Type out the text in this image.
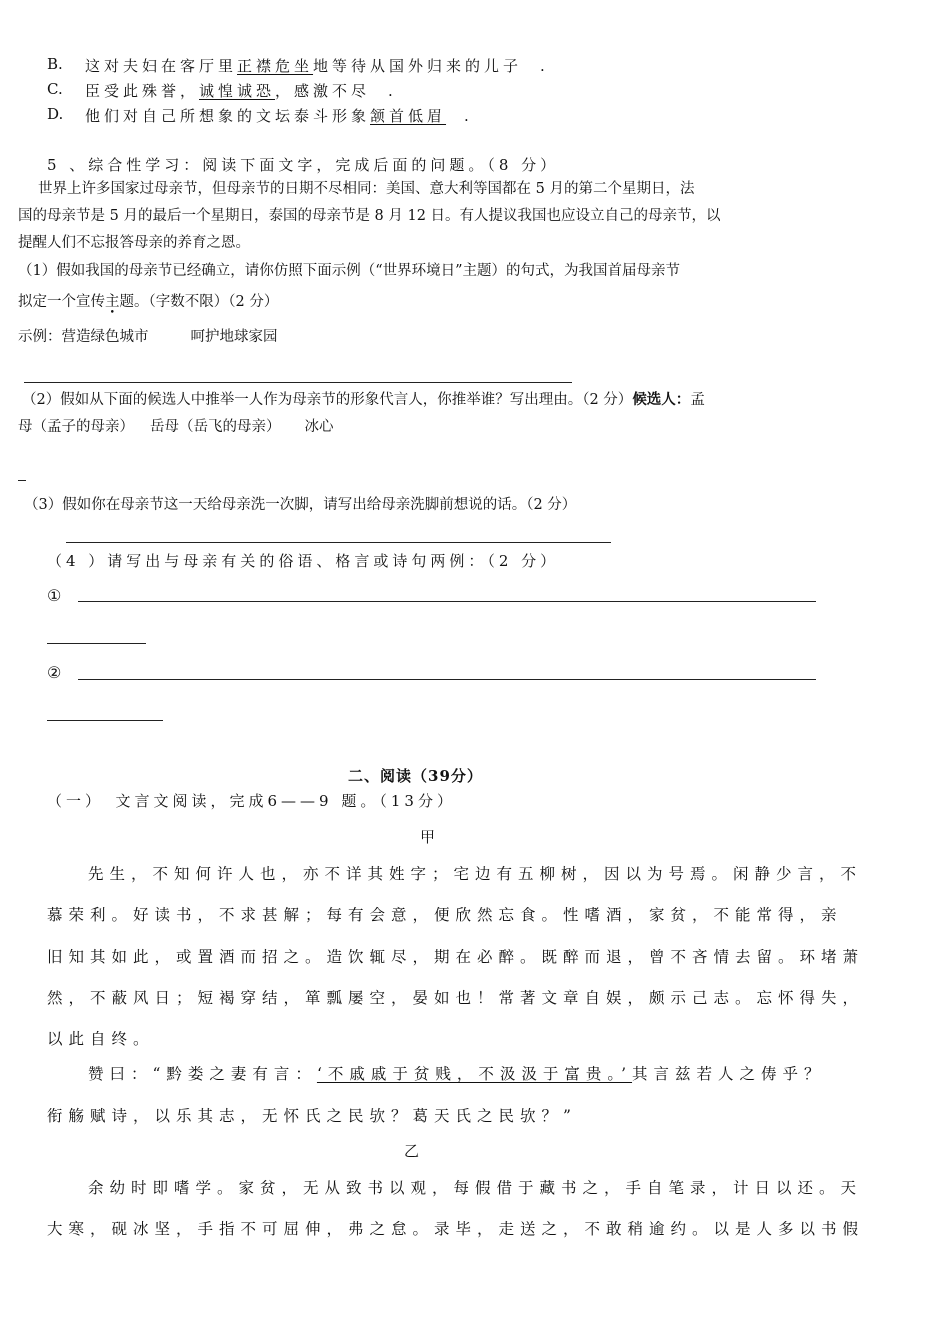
B. 这对夫妇在客厅里正襟危坐地等待从国外归来的儿子 .
C. 臣受此殊誉，诚惶诚恐，感激不尽 .
D. 他们对自己所想象的文坛泰斗形象颔首低眉 .
5 、综合性学习：阅读下面文字，完成后面的问题。（8 分）
世界上许多国家过母亲节，但母亲节的日期不尽相同：美国、意大利等国都在 5 月的第二个星期日，法
国的母亲节是 5 月的最后一个星期日，泰国的母亲节是 8 月 12 日。有人提议我国也应设立自己的母亲节，以
提醒人们不忘报答母亲的养育之恩。
（1）假如我国的母亲节已经确立，请你仿照下面示例（“世界环境日”主题）的句式，为我国首届母亲节
拟定一个宣传主题。（字数不限）（2 分）
示例：营造绿色城市	呵护地球家园
（2）假如从下面的候选人中推举一人作为母亲节的形象代言人，你推举谁？写出理由。（2 分）候选人：孟
母（孟子的母亲） 岳母（岳飞的母亲） 冰心
（3）假如你在母亲节这一天给母亲洗一次脚，请写出给母亲洗脚前想说的话。（2 分）
（4 ）请写出与母亲有关的俗语、格言或诗句两例：（2 分）
①
②
二、阅读（39分）
（一）　文言文阅读，完成6——9 题。（13分）
甲
先生，不知何许人也，亦不详其姓字；宅边有五柳树，因以为号焉。闲静少言，不
慕荣利。好读书，不求甚解；每有会意，便欣然忘食。性嗜酒，家贫，不能常得，亲
旧知其如此，或置酒而招之。造饮辄尽，期在必醉。既醉而退，曾不吝情去留。环堵萧
然，不蔽风日；短褐穿结，箪瓢屡空，晏如也！常著文章自娱，颇示己志。忘怀得失，
以此自终。
赞曰：“黔娄之妻有言：‘不戚戚于贫贱，不汲汲于富贵。’其言兹若人之俦乎？
衔觞赋诗，以乐其志，无怀氏之民欤？葛天氏之民欤？”
乙
余幼时即嗜学。家贫，无从致书以观，每假借于藏书之，手自笔录，计日以还。天
大寒，砚冰坚，手指不可屈伸，弗之怠。录毕，走送之，不敢稍逾约。以是人多以书假
